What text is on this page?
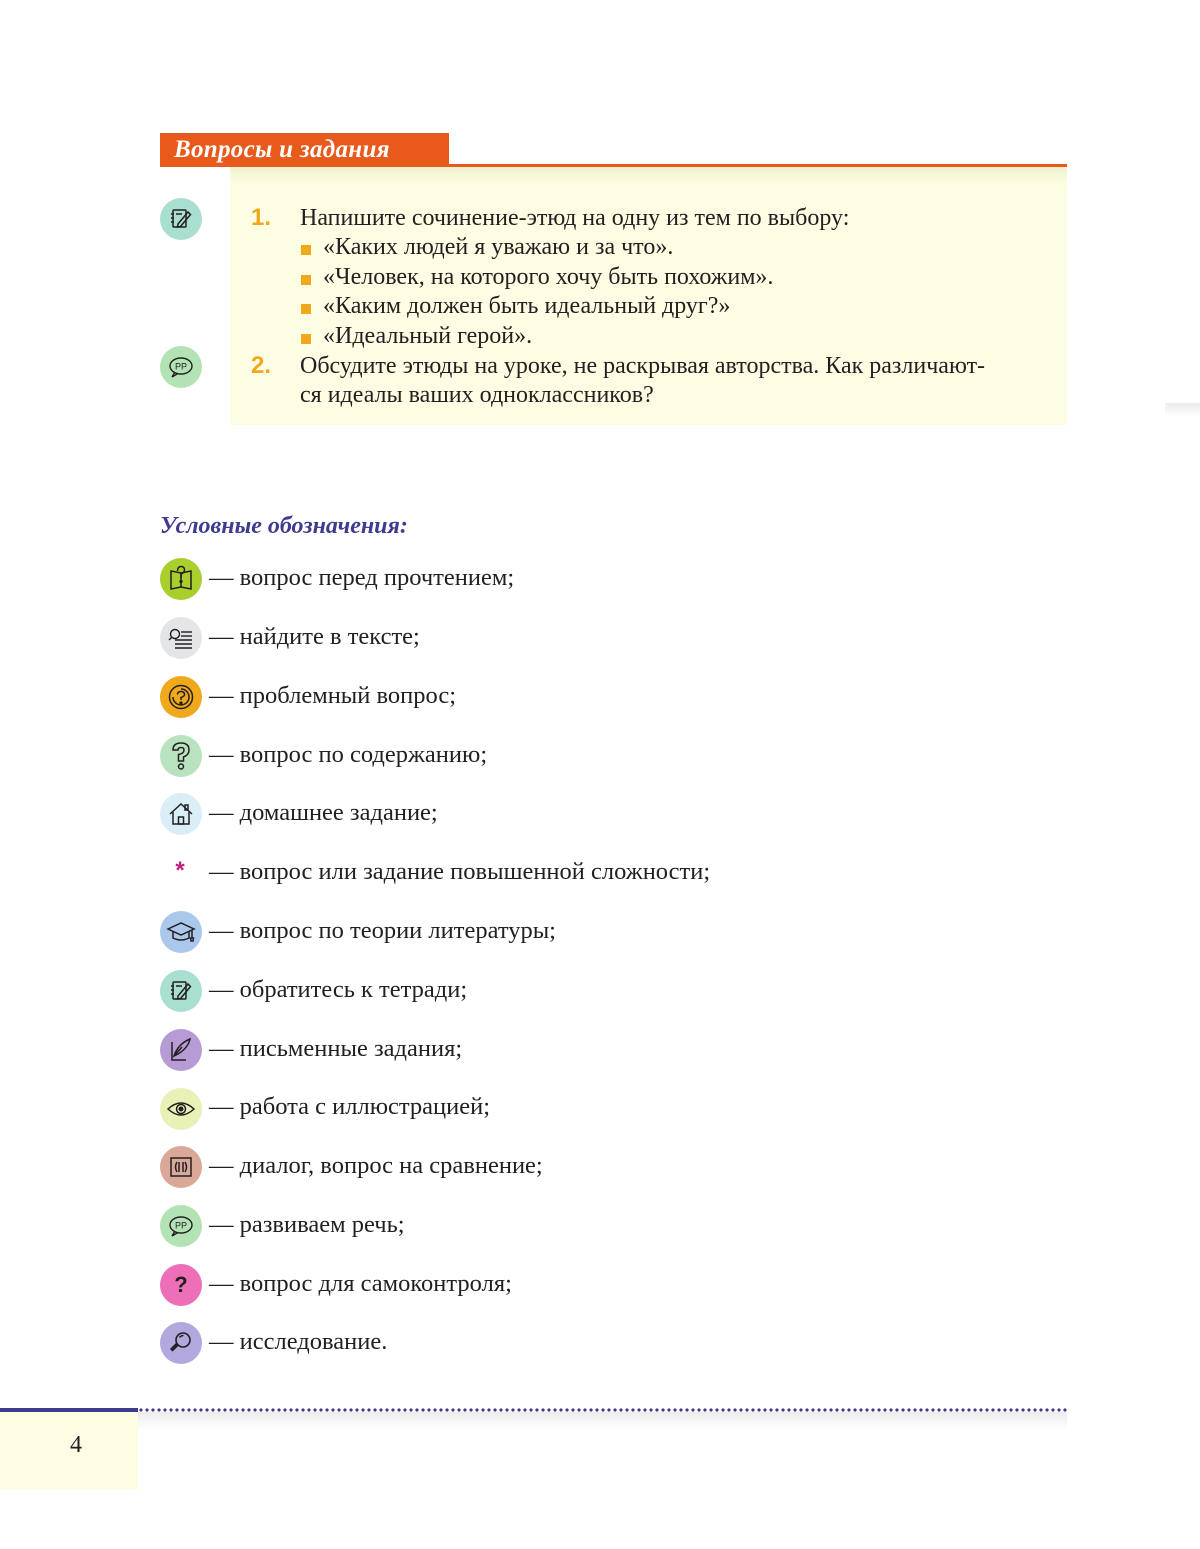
Вопросы и задания
PP
1. Напишите сочинение-этюд на одну из тем по выбору:
«Каких людей я уважаю и за что».
«Человек, на которого хочу быть похожим».
«Каким должен быть идеальный друг?»
«Идеальный герой».
2. Обсудите этюды на уроке, не раскрывая авторства. Как различают-
ся идеалы ваших одноклассников?
Условные обозначения:
— вопрос перед прочтением;
— найдите в тексте;
— проблемный вопрос;
— вопрос по содержанию;
— домашнее задание;
* — вопрос или задание повышенной сложности;
— вопрос по теории литературы;
— обратитесь к тетради;
— письменные задания;
— работа с иллюстрацией;
— диалог, вопрос на сравнение;
PP — развиваем речь;
? — вопрос для самоконтроля;
— исследование.
4
